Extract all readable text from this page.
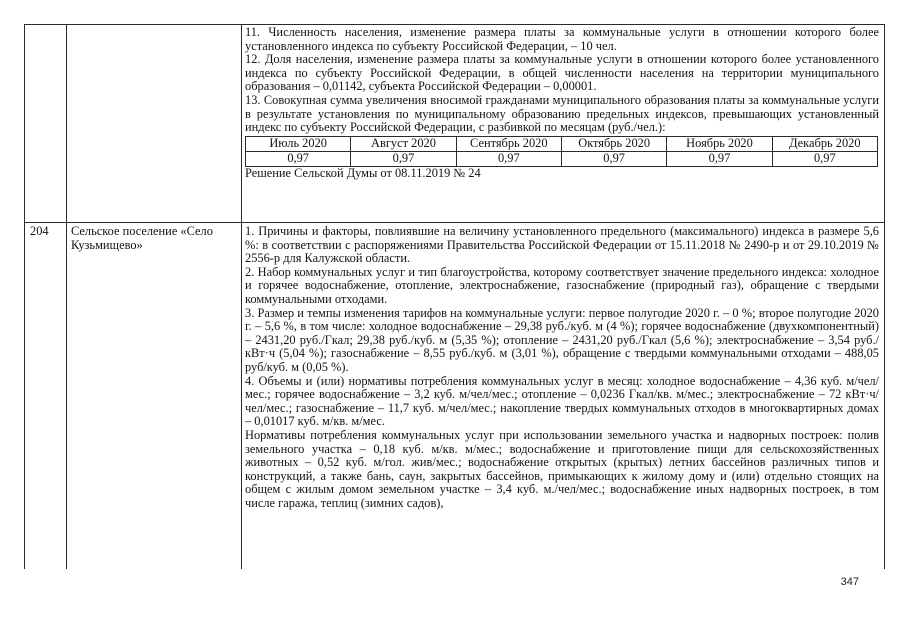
11. Численность населения, изменение размера платы за коммунальные услуги в отношении которого более установленного индекса по субъекту Российской Федерации, – 10 чел.

12. Доля населения, изменение размера платы за коммунальные услуги в отношении которого более установленного индекса по субъекту Российской Федерации, в общей численности населения на территории муниципального образования – 0,01142, субъекта Российской Федерации – 0,00001.

13. Совокупная сумма увеличения вносимой гражданами муниципального образования платы за коммунальные услуги в результате установления по муниципальному образованию предельных индексов, превышающих установленный индекс по субъекту Российской Федерации, с разбивкой по месяцам (руб./чел.):

Июль 2020	Август 2020	Сентябрь 2020	Октябрь 2020	Ноябрь 2020	Декабрь 2020
0,97	0,97	0,97	0,97	0,97	0,97

Решение Сельской Думы от 08.11.2019 № 24

204	Сельское поселение «Село Кузьмищево»

1. Причины и факторы, повлиявшие на величину установленного предельного (максимального) индекса в размере 5,6 %: в соответствии с распоряжениями Правительства Российской Федерации от 15.11.2018 № 2490-р и от 29.10.2019 № 2556-р для Калужской области.

2. Набор коммунальных услуг и тип благоустройства, которому соответствует значение предельного индекса: холодное и горячее водоснабжение, отопление, электроснабжение, газоснабжение (природный газ), обращение с твердыми коммунальными отходами.

3. Размер и темпы изменения тарифов на коммунальные услуги: первое полугодие 2020 г. – 0 %; второе полугодие 2020 г. – 5,6 %, в том числе: холодное водоснабжение – 29,38 руб./куб. м (4 %); горячее водоснабжение (двухкомпонентный) – 2431,20 руб./Гкал; 29,38 руб./куб. м (5,35 %); отопление – 2431,20 руб./Гкал (5,6 %); электроснабжение – 3,54 руб./кВт·ч (5,04 %); газоснабжение – 8,55 руб./куб. м (3,01 %), обращение с твердыми коммунальными отходами – 488,05 руб/куб. м (0,05 %).

4. Объемы и (или) нормативы потребления коммунальных услуг в месяц: холодное водоснабжение – 4,36 куб. м/чел/мес.; горячее водоснабжение – 3,2 куб. м/чел/мес.; отопление – 0,0236 Гкал/кв. м/мес.; электроснабжение – 72 кВт·ч/чел/мес.; газоснабжение – 11,7 куб. м/чел/мес.; накопление твердых коммунальных отходов в многоквартирных домах – 0,01017 куб. м/кв. м/мес.

Нормативы потребления коммунальных услуг при использовании земельного участка и надворных построек: полив земельного участка – 0,18 куб. м/кв. м/мес.; водоснабжение и приготовление пищи для сельскохозяйственных животных – 0,52 куб. м/гол. жив/мес.; водоснабжение открытых (крытых) летних бассейнов различных типов и конструкций, а также бань, саун, закрытых бассейнов, примыкающих к жилому дому и (или) отдельно стоящих на общем с жилым домом земельном участке – 3,4 куб. м./чел/мес.; водоснабжение иных надворных построек, в том числе гаража, теплиц (зимних садов),

347
